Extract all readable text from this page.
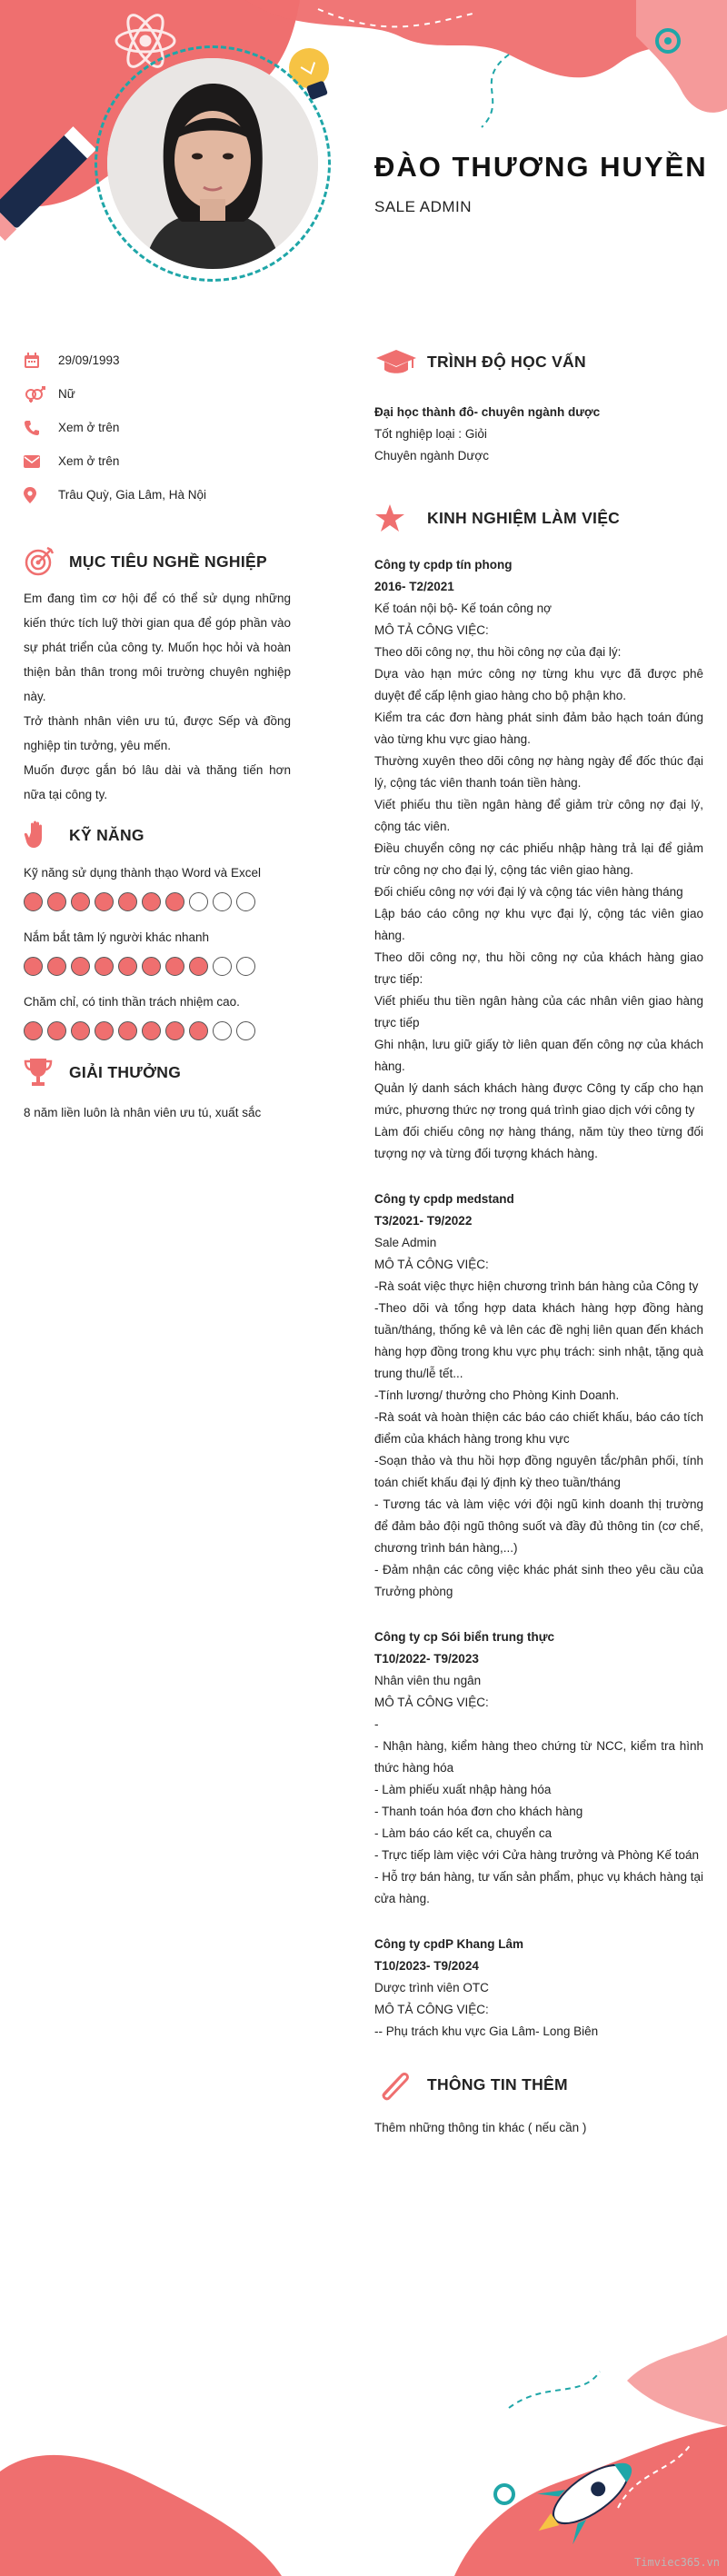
ĐÀO THƯƠNG HUYỀN
SALE ADMIN
29/09/1993
Nữ
Xem ở trên
Xem ở trên
Trâu Quỳ, Gia Lâm, Hà Nội
MỤC TIÊU NGHỀ NGHIỆP

Em đang tìm cơ hội để có thể sử dụng những kiến thức tích luỹ thời gian qua để góp phần vào sự phát triển của công ty. Muốn học hỏi và hoàn thiện bản thân trong môi trường chuyên nghiệp này.

Trở thành nhân viên ưu tú, được Sếp và đồng nghiệp tin tưởng, yêu mến.

Muốn được gắn bó lâu dài và thăng tiến hơn nữa tại công ty.

KỸ NĂNG
Kỹ năng sử dụng thành thạo Word và Excel
Nắm bắt tâm lý người khác nhanh
Chăm chỉ, có tinh thần trách nhiệm cao.
GIẢI THƯỞNG
8 năm liền luôn là nhân viên ưu tú, xuất sắc
TRÌNH ĐỘ HỌC VẤN
Đại học thành đô- chuyên ngành dược
Tốt nghiệp loại : Giỏi
Chuyên ngành Dược
KINH NGHIỆM LÀM VIỆC
Công ty cpdp tín phong
2016- T2/2021
Kế toán nội bộ- Kế toán công nợ
MÔ TẢ CÔNG VIỆC:
Theo dõi công nợ, thu hồi công nợ của đại lý:
Dựa vào hạn mức công nợ từng khu vực đã được phê duyệt để cấp lệnh giao hàng cho bộ phận kho.
Kiểm tra các đơn hàng phát sinh đảm bảo hạch toán đúng vào từng khu vực giao hàng.
Thường xuyên theo dõi công nợ hàng ngày để đốc thúc đại lý, cộng tác viên thanh toán tiền hàng.
Viết phiếu thu tiền ngân hàng để giảm trừ công nợ đại lý, cộng tác viên.
Điều chuyển công nợ các phiếu nhập hàng trả lại để giảm trừ công nợ cho đại lý, cộng tác viên giao hàng.
Đối chiếu công nợ với đại lý và cộng tác viên hàng tháng
Lập báo cáo công nợ khu vực đại lý, cộng tác viên giao hàng.
Theo dõi công nợ, thu hồi công nợ của khách hàng giao trực tiếp:
Viết phiếu thu tiền ngân hàng của các nhân viên giao hàng trực tiếp
Ghi nhận, lưu giữ giấy tờ liên quan đến công nợ của khách hàng.
Quản lý danh sách khách hàng được Công ty cấp cho hạn mức, phương thức nợ trong quá trình giao dịch với công ty
Làm đối chiếu công nợ hàng tháng, năm tùy theo từng đối tượng nợ và từng đối tượng khách hàng.
Công ty cpdp medstand
T3/2021- T9/2022
Sale Admin
MÔ TẢ CÔNG VIỆC:
-Rà soát việc thực hiện chương trình bán hàng của Công ty
-Theo dõi và tổng hợp data khách hàng hợp đồng hàng tuần/tháng, thống kê và lên các đề nghị liên quan đến khách hàng hợp đồng trong khu vực phụ trách: sinh nhật, tặng quà trung thu/lễ tết...
-Tính lương/ thưởng cho Phòng Kinh Doanh.
-Rà soát và hoàn thiện các báo cáo chiết khấu, báo cáo tích điểm của khách hàng trong khu vực
-Soạn thảo và thu hồi hợp đồng nguyên tắc/phân phối, tính toán chiết khấu đại lý định kỳ theo tuần/tháng
- Tương tác và làm việc với đội ngũ kinh doanh thị trường để đảm bảo đội ngũ thông suốt và đầy đủ thông tin (cơ chế, chương trình bán hàng,...)
- Đảm nhận các công việc khác phát sinh theo yêu cầu của Trưởng phòng
Công ty cp Sói biển trung thực
T10/2022- T9/2023
Nhân viên thu ngân
MÔ TẢ CÔNG VIỆC:
-
- Nhận hàng, kiểm hàng theo chứng từ NCC, kiểm tra hình thức hàng hóa
- Làm phiếu xuất nhập hàng hóa
- Thanh toán hóa đơn cho khách hàng
- Làm báo cáo kết ca, chuyển ca
- Trực tiếp làm việc với Cửa hàng trưởng và Phòng Kế toán
- Hỗ trợ bán hàng, tư vấn sản phẩm, phục vụ khách hàng tại cửa hàng.
Công ty cpdP Khang Lâm
T10/2023- T9/2024
Dược trình viên OTC
MÔ TẢ CÔNG VIỆC:
-- Phụ trách khu vực Gia Lâm- Long Biên
THÔNG TIN THÊM
Thêm những thông tin khác ( nếu cần )
Timviec365.vn
